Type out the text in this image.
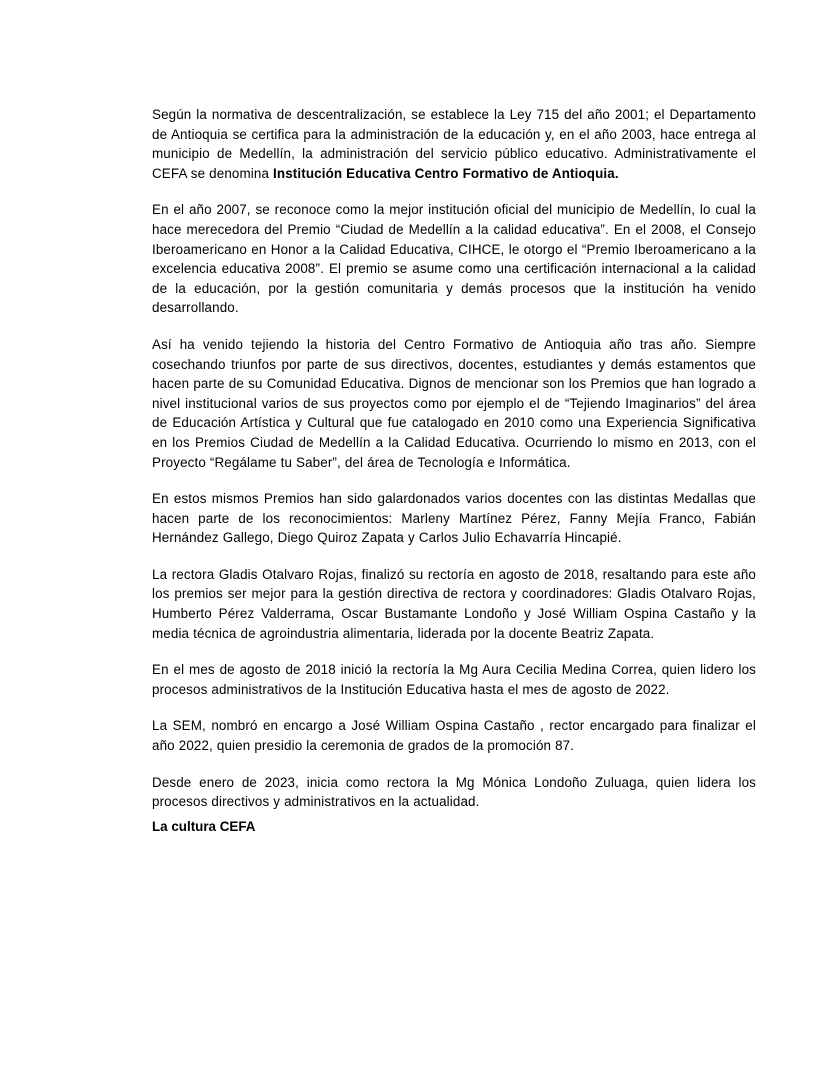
Según la normativa de descentralización, se establece la Ley 715 del año 2001; el Departamento de Antioquia se certifica para la administración de la educación y, en el año 2003, hace entrega al municipio de Medellín, la administración del servicio público educativo. Administrativamente el CEFA se denomina Institución Educativa Centro Formativo de Antioquia.

En el año 2007, se reconoce como la mejor institución oficial del municipio de Medellín, lo cual la hace merecedora del Premio “Ciudad de Medellín a la calidad educativa”. En el 2008, el Consejo Iberoamericano en Honor a la Calidad Educativa, CIHCE, le otorgo el “Premio Iberoamericano a la excelencia educativa 2008”. El premio se asume como una certificación internacional a la calidad de la educación, por la gestión comunitaria y demás procesos que la institución ha venido desarrollando.

Así ha venido tejiendo la historia del Centro Formativo de Antioquia año tras año. Siempre cosechando triunfos por parte de sus directivos, docentes, estudiantes y demás estamentos que hacen parte de su Comunidad Educativa. Dignos de mencionar son los Premios que han logrado a nivel institucional varios de sus proyectos como por ejemplo el de “Tejiendo Imaginarios” del área de Educación Artística y Cultural que fue catalogado en 2010 como una Experiencia Significativa en los Premios Ciudad de Medellín a la Calidad Educativa. Ocurriendo lo mismo en 2013, con el Proyecto “Regálame tu Saber”, del área de Tecnología e Informática.

En estos mismos Premios han sido galardonados varios docentes con las distintas Medallas que hacen parte de los reconocimientos: Marleny Martínez Pérez, Fanny Mejía Franco, Fabián Hernández Gallego, Diego Quiroz Zapata y Carlos Julio Echavarría Hincapié.

La rectora Gladis Otalvaro Rojas, finalizó su rectoría en agosto de 2018, resaltando para este año los premios ser mejor para la gestión directiva de rectora y coordinadores: Gladis Otalvaro Rojas, Humberto Pérez Valderrama, Oscar Bustamante Londoño y José William Ospina Castaño y la media técnica de agroindustria alimentaria, liderada por la docente Beatriz Zapata.

En el mes de agosto de 2018 inició la rectoría la Mg Aura Cecilia Medina Correa, quien lidero los procesos administrativos de la Institución Educativa hasta el mes de agosto de 2022.

La SEM, nombró en encargo a José William Ospina Castaño , rector encargado para finalizar el año 2022, quien presidio la ceremonia de grados de la promoción 87.

Desde enero de 2023, inicia como rectora la Mg Mónica Londoño Zuluaga, quien lidera los procesos directivos y administrativos en la actualidad.

La cultura CEFA
